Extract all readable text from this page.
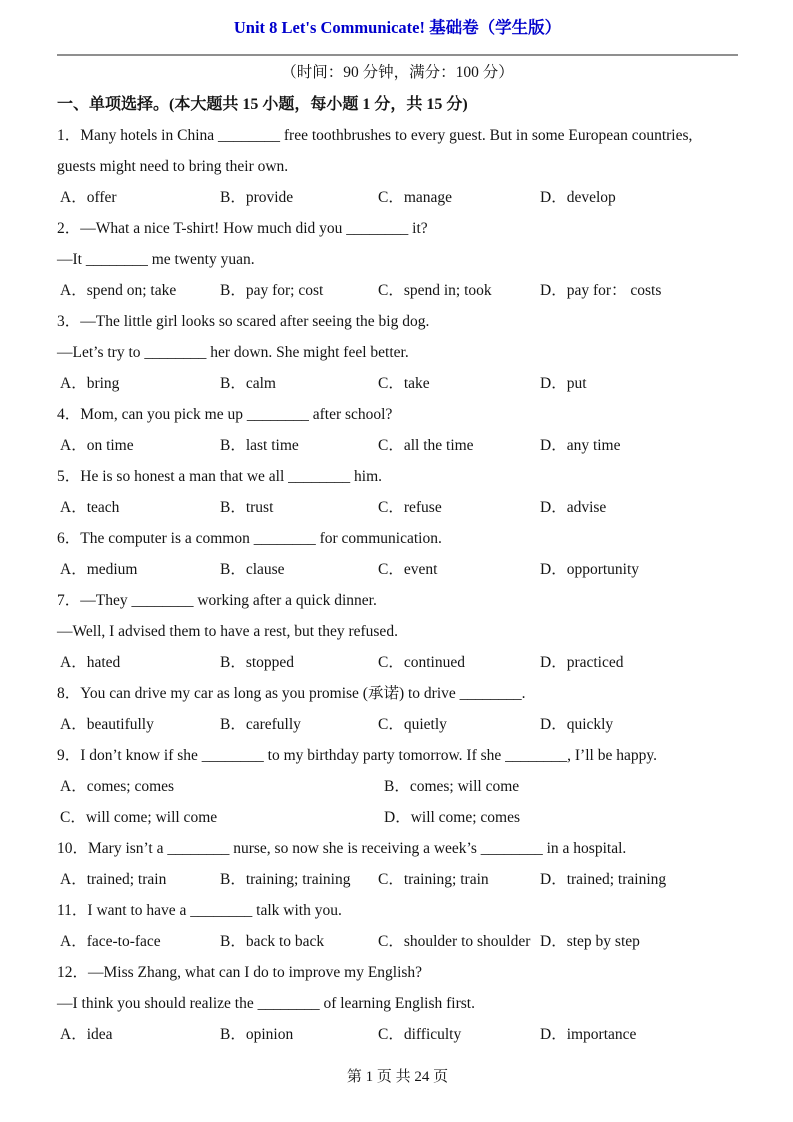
Unit 8 Let's Communicate! 基础卷（学生版）
（时间：90 分钟，满分：100 分）
一、单项选择。(本大题共 15 小题，每小题 1 分，共 15 分)

1．Many hotels in China ________ free toothbrushes to every guest. But in some European countries,

guests might need to bring their own.

A．offer	B．provide	C．manage	D．develop

2．—What a nice T-shirt! How much did you ________ it?

—It ________ me twenty yuan.

A．spend on; take	B．pay for; cost	C．spend in; took	D．pay for： costs

3．—The little girl looks so scared after seeing the big dog.

—Let’s try to ________ her down. She might feel better.

A．bring	B．calm	C．take	D．put

4．Mom, can you pick me up ________ after school?

A．on time	B．last time	C．all the time	D．any time

5．He is so honest a man that we all ________ him.

A．teach	B．trust	C．refuse	D．advise

6．The computer is a common ________ for communication.

A．medium	B．clause	C．event	D．opportunity

7．—They ________ working after a quick dinner.

—Well, I advised them to have a rest, but they refused.

A．hated	B．stopped	C．continued	D．practiced

8．You can drive my car as long as you promise (承诺) to drive ________.

A．beautifully	B．carefully	C．quietly	D．quickly

9．I don’t know if she ________ to my birthday party tomorrow. If she ________, I’ll be happy.

A．comes; comes	B．comes; will come
C．will come; will come	D．will come; comes

10．Mary isn’t a ________ nurse, so now she is receiving a week’s ________ in a hospital.

A．trained; train	B．training; training	C．training; train	D．trained; training

11．I want to have a ________ talk with you.

A．face-to-face	B．back to back	C．shoulder to shoulder D．step by step

12．—Miss Zhang, what can I do to improve my English?

—I think you should realize the ________ of learning English first.

A．idea	B．opinion	C．difficulty	D．importance
第 1 页 共 24 页
